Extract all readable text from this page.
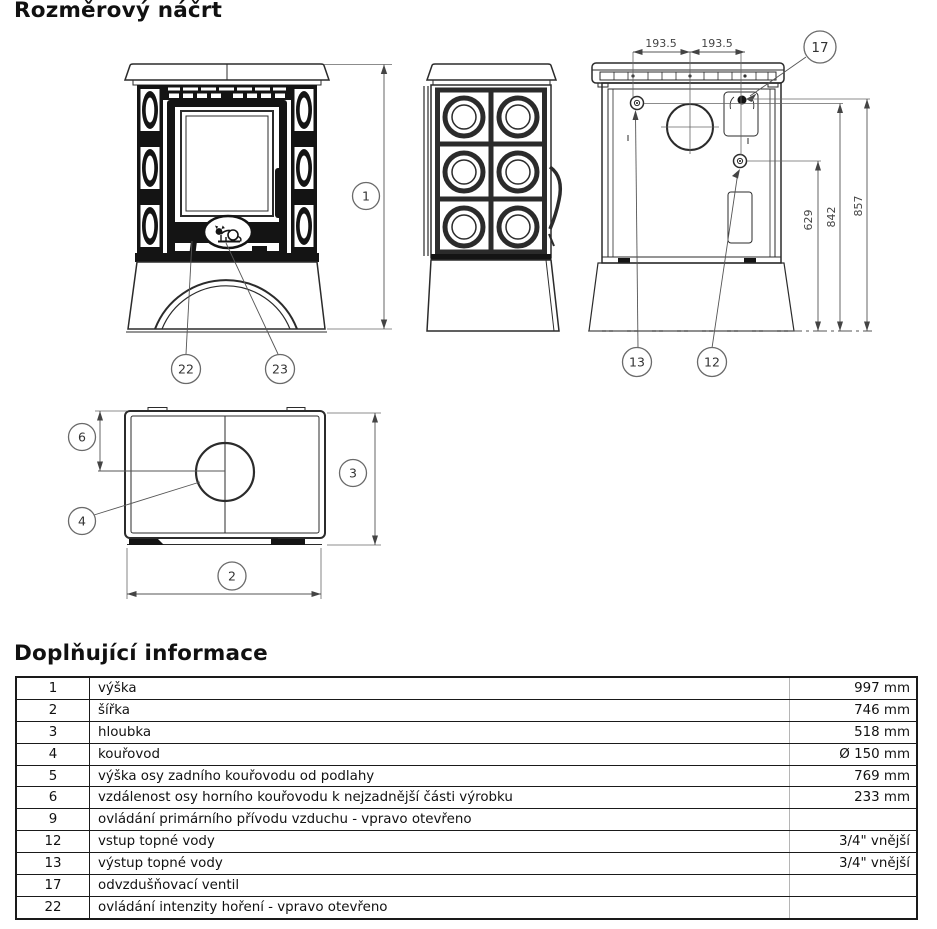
Rozměrový náčrt
1
22	23
193.5 193.5	17
629 842
857
13	12
6
4
3
2
Doplňující informace
1	výška	997 mm
2	šířka	746 mm
3	hloubka	518 mm
4	kouřovod	Ø 150 mm
5	výška osy zadního kouřovodu od podlahy	769 mm
6	vzdálenost osy horního kouřovodu k nejzadnější části výrobku	233 mm
9	ovládání primárního přívodu vzduchu - vpravo otevřeno	
12	vstup topné vody	3/4" vnější
13	výstup topné vody	3/4" vnější
17	odvzdušňovací ventil	
22	ovládání intenzity hoření - vpravo otevřeno	
